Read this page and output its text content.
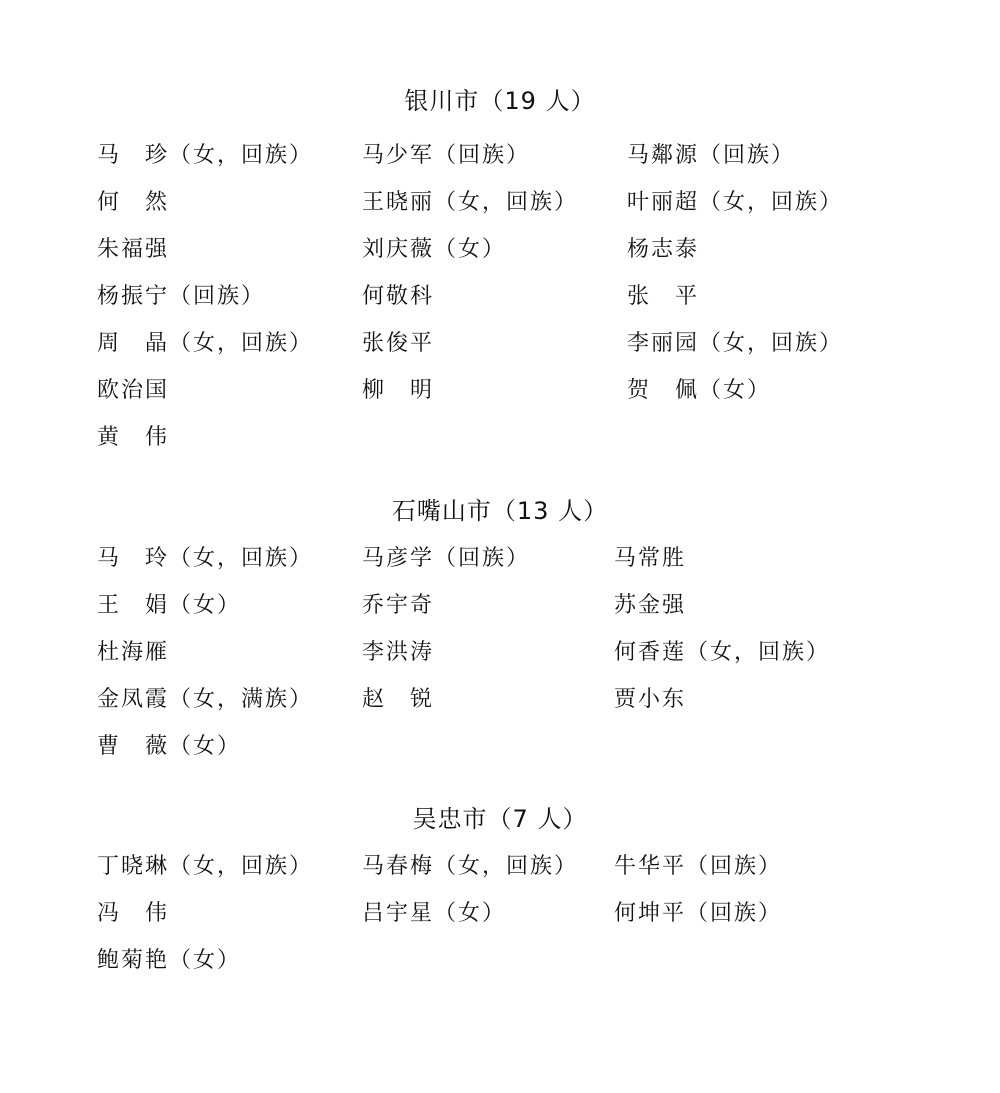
银川市（19 人）
马　珍（女，回族）
何　然
朱福强
杨振宁（回族）
周　晶（女，回族）
欧治国
黄　伟
马少军（回族）
王晓丽（女，回族）
刘庆薇（女）
何敬科
张俊平
柳　明
马鄰源（回族）
叶丽超（女，回族）
杨志泰
张　平
李丽园（女，回族）
贺　佩（女）
石嘴山市（13 人）
马　玲（女，回族）
王　娟（女）
杜海雁
金凤霞（女，满族）
曹　薇（女）
马彦学（回族）
乔宇奇
李洪涛
赵　锐
马常胜
苏金强
何香莲（女，回族）
贾小东
吴忠市（7 人）
丁晓琳（女，回族）
冯　伟
鲍菊艳（女）
马春梅（女，回族）
吕宇星（女）
牛华平（回族）
何坤平（回族）
